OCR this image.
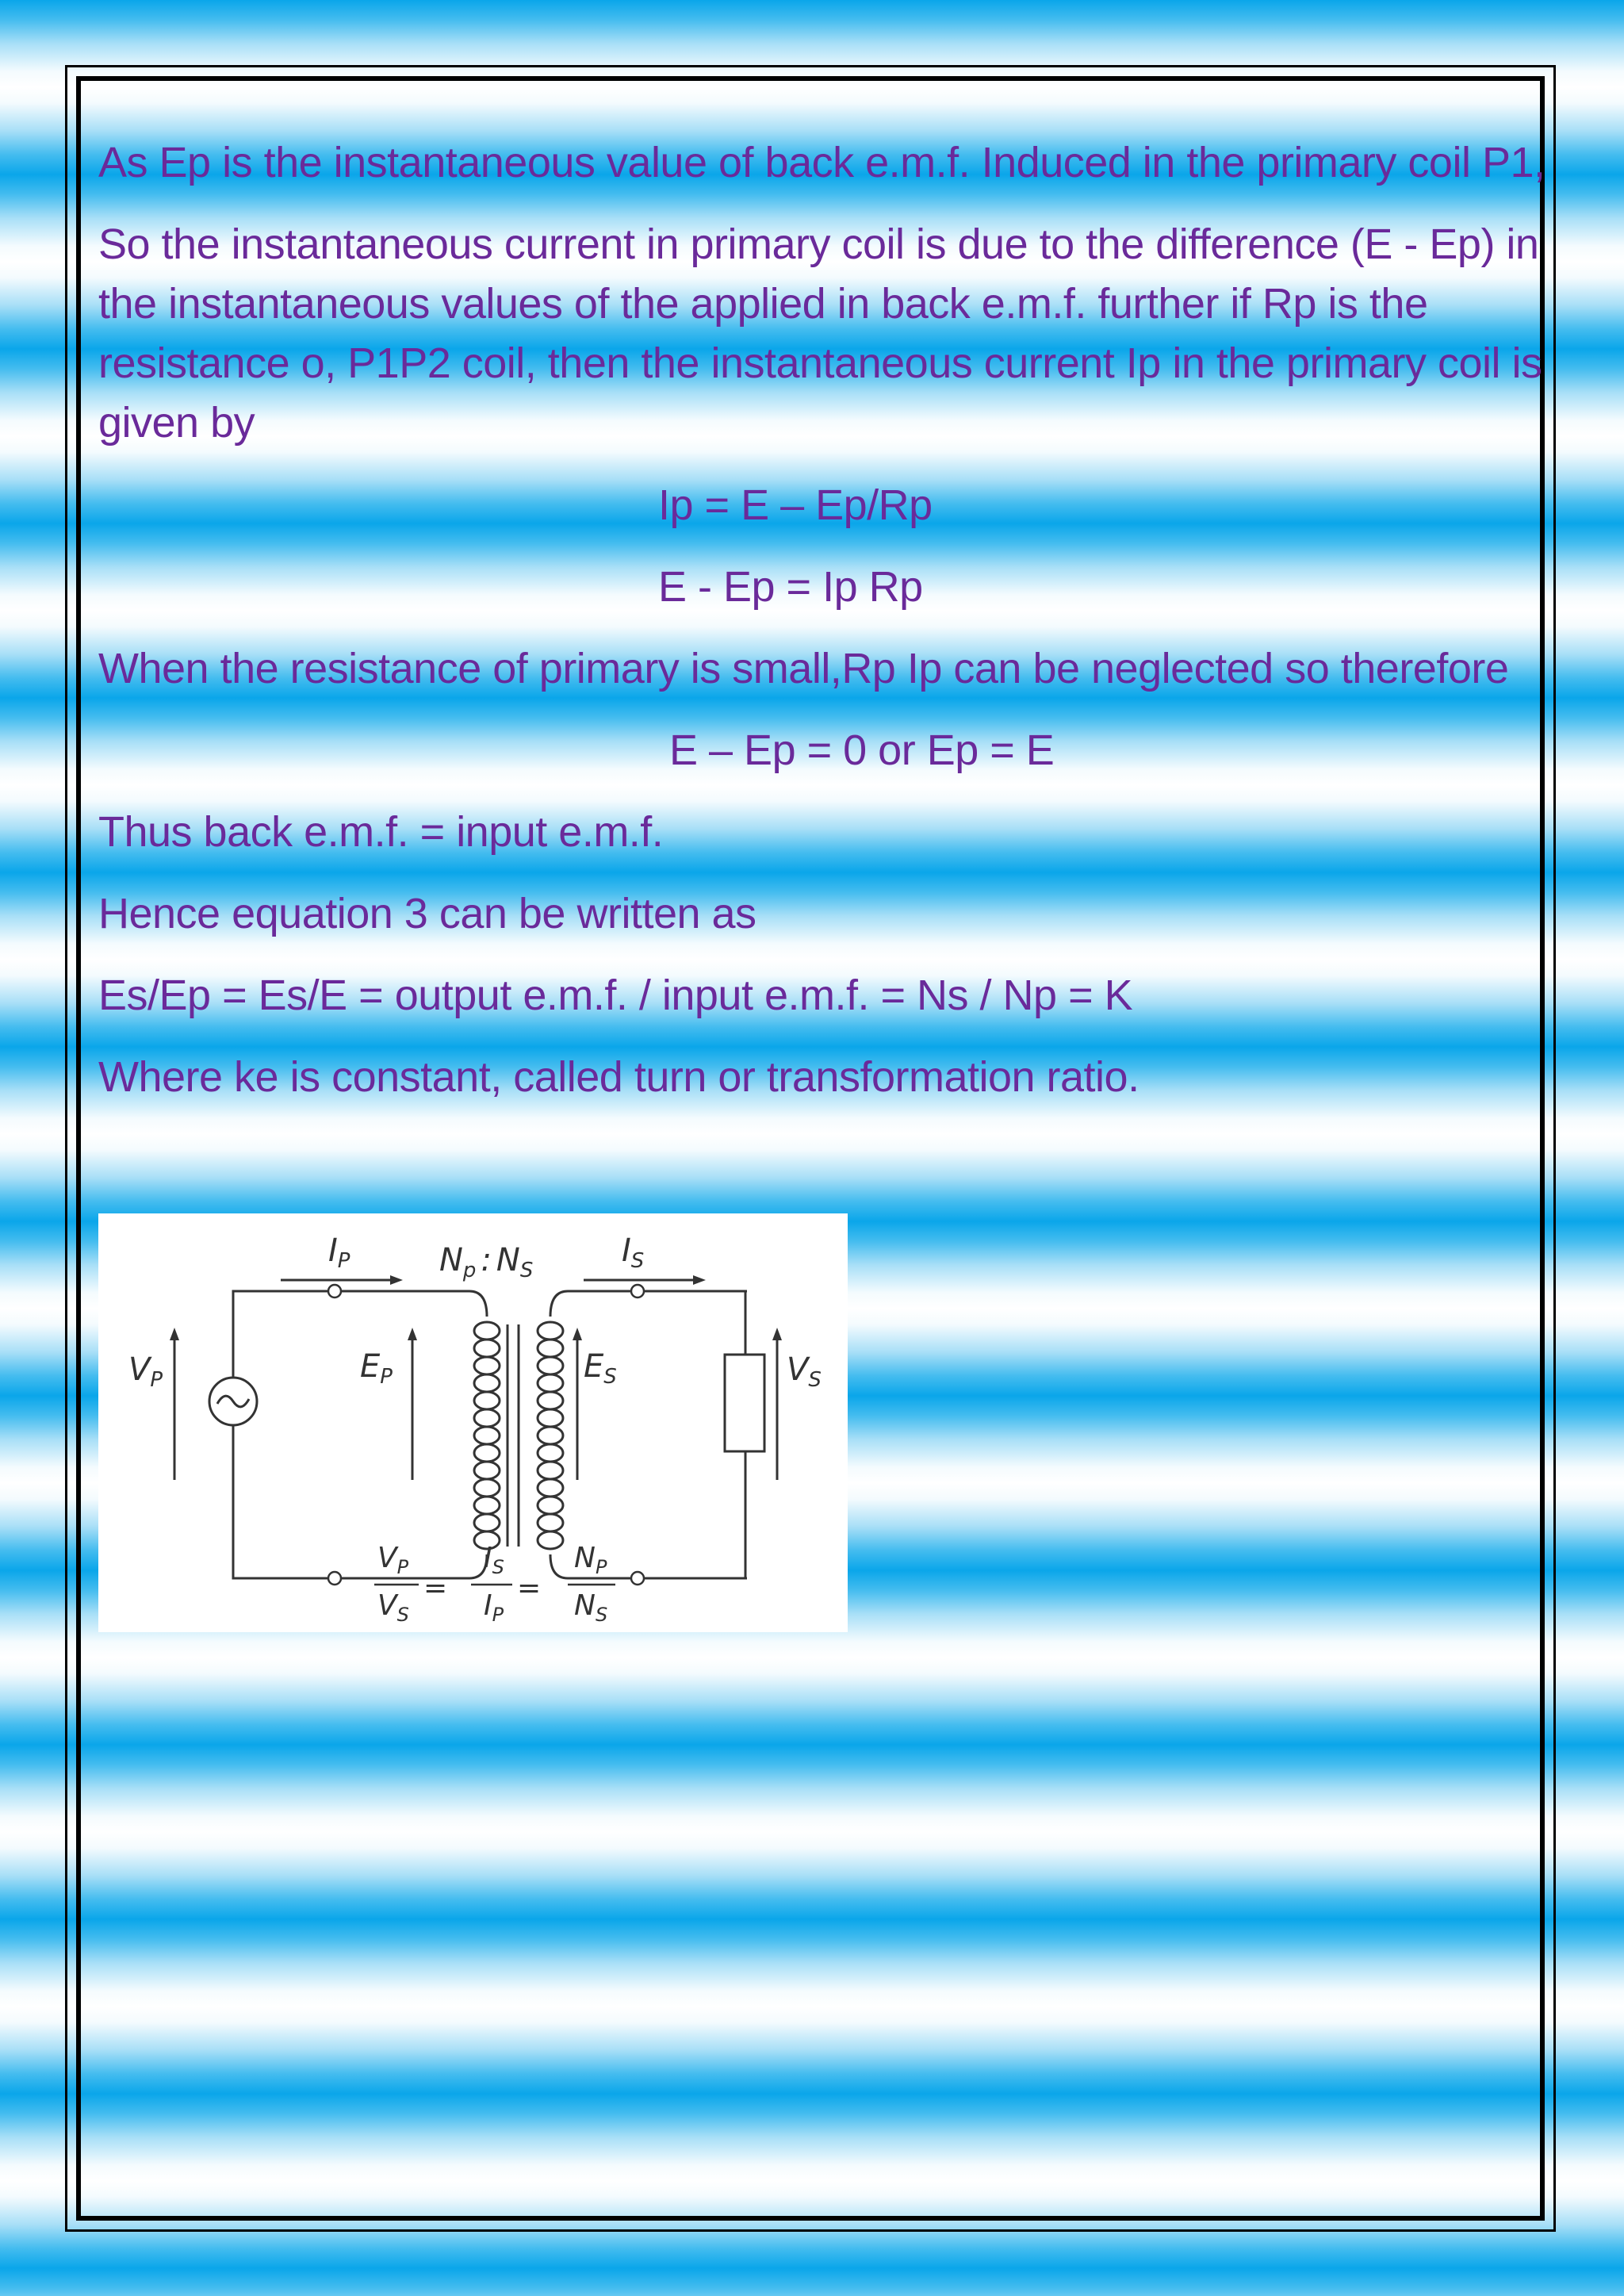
As Ep is the instantaneous value of back e.m.f. Induced in the primary coil P1,
So the instantaneous current in primary coil is due to the difference (E - Ep) in
the instantaneous values of the applied in back e.m.f. further if Rp is the
resistance o, P1P2 coil, then the instantaneous current Ip in the primary coil is
given by
Ip = E – Ep/Rp
E - Ep = Ip Rp
When the resistance of primary is small,Rp Ip can be neglected so therefore
E – Ep = 0 or Ep = E
Thus back e.m.f. = input e.m.f.
Hence equation 3 can be written as
Es/Ep = Es/E = output e.m.f. / input e.m.f. = Ns / Np = K
Where ke is constant, called turn or transformation ratio.
$I_P$	$N_p$ : $N_S$
$I_S$
$V_P$	$E_P$	$E_S$	$V_S$
$V_P$
$V_S$
=
$I_S$
$I_P$
=
$N_P$
$N_S$
